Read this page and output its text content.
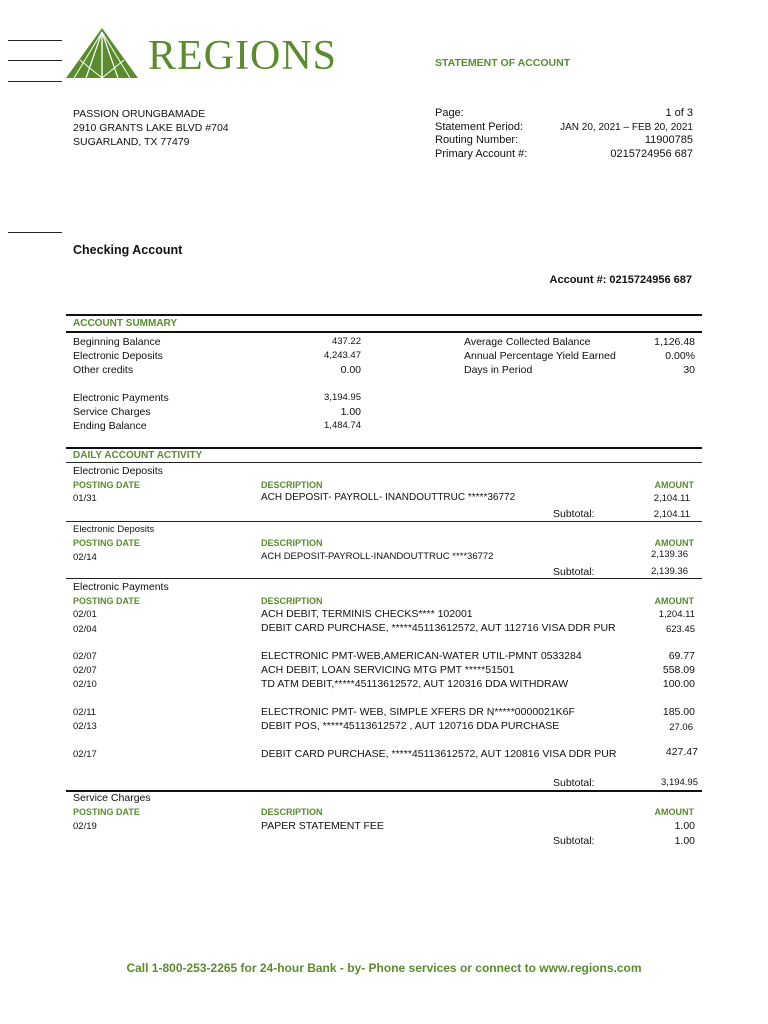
REGIONS	STATEMENT OF ACCOUNT
PASSION ORUNGBAMADE
2910 GRANTS LAKE BLVD #704
SUGARLAND, TX 77479
Page:	1 of 3
Statement Period:	JAN 20, 2021 – FEB 20, 2021
Routing Number:	11900785
Primary Account #:	0215724956 687
Checking Account
Account #: 0215724956 687
ACCOUNT SUMMARY
Beginning Balance	437.22
Electronic Deposits	4,243.47
Other credits	0.00
Electronic Payments	3,194.95
Service Charges	1.00
Ending Balance	1,484.74
Average Collected Balance	1,126.48
Annual Percentage Yield Earned	0.00%
Days in Period	30
DAILY ACCOUNT ACTIVITY
Electronic Deposits
POSTING DATE	DESCRIPTION	AMOUNT
01/31	ACH DEPOSIT- PAYROLL- INANDOUTTRUC *****36772	2,104.11
Subtotal:	2,104.11
Electronic Deposits
POSTING DATE	DESCRIPTION	AMOUNT
02/14	ACH DEPOSIT-PAYROLL-INANDOUTTRUC ****36772	2,139.36
Subtotal:	2,139.36
Electronic Payments
POSTING DATE	DESCRIPTION	AMOUNT
02/01	ACH DEBIT, TERMINIS CHECKS**** 102001	1,204.11
02/04	DEBIT CARD PURCHASE, *****45113612572, AUT 112716 VISA DDR PUR	623.45
02/07	ELECTRONIC PMT-WEB,AMERICAN-WATER UTIL-PMNT 0533284	69.77
02/07	ACH DEBIT, LOAN SERVICING MTG PMT *****51501	558.09
02/10	TD ATM DEBIT,*****45113612572, AUT 120316 DDA WITHDRAW	100.00
02/11	ELECTRONIC PMT- WEB, SIMPLE XFERS DR N*****0000021K6F	185.00
02/13	DEBIT POS, *****45113612572 , AUT 120716 DDA PURCHASE	27.06
02/17	DEBIT CARD PURCHASE, *****45113612572, AUT 120816 VISA DDR PUR	427.47
Subtotal:	3,194.95
Service Charges
POSTING DATE	DESCRIPTION	AMOUNT
02/19	PAPER STATEMENT FEE	1.00
Subtotal:	1.00
Call 1-800-253-2265 for 24-hour Bank - by- Phone services or connect to www.regions.com
